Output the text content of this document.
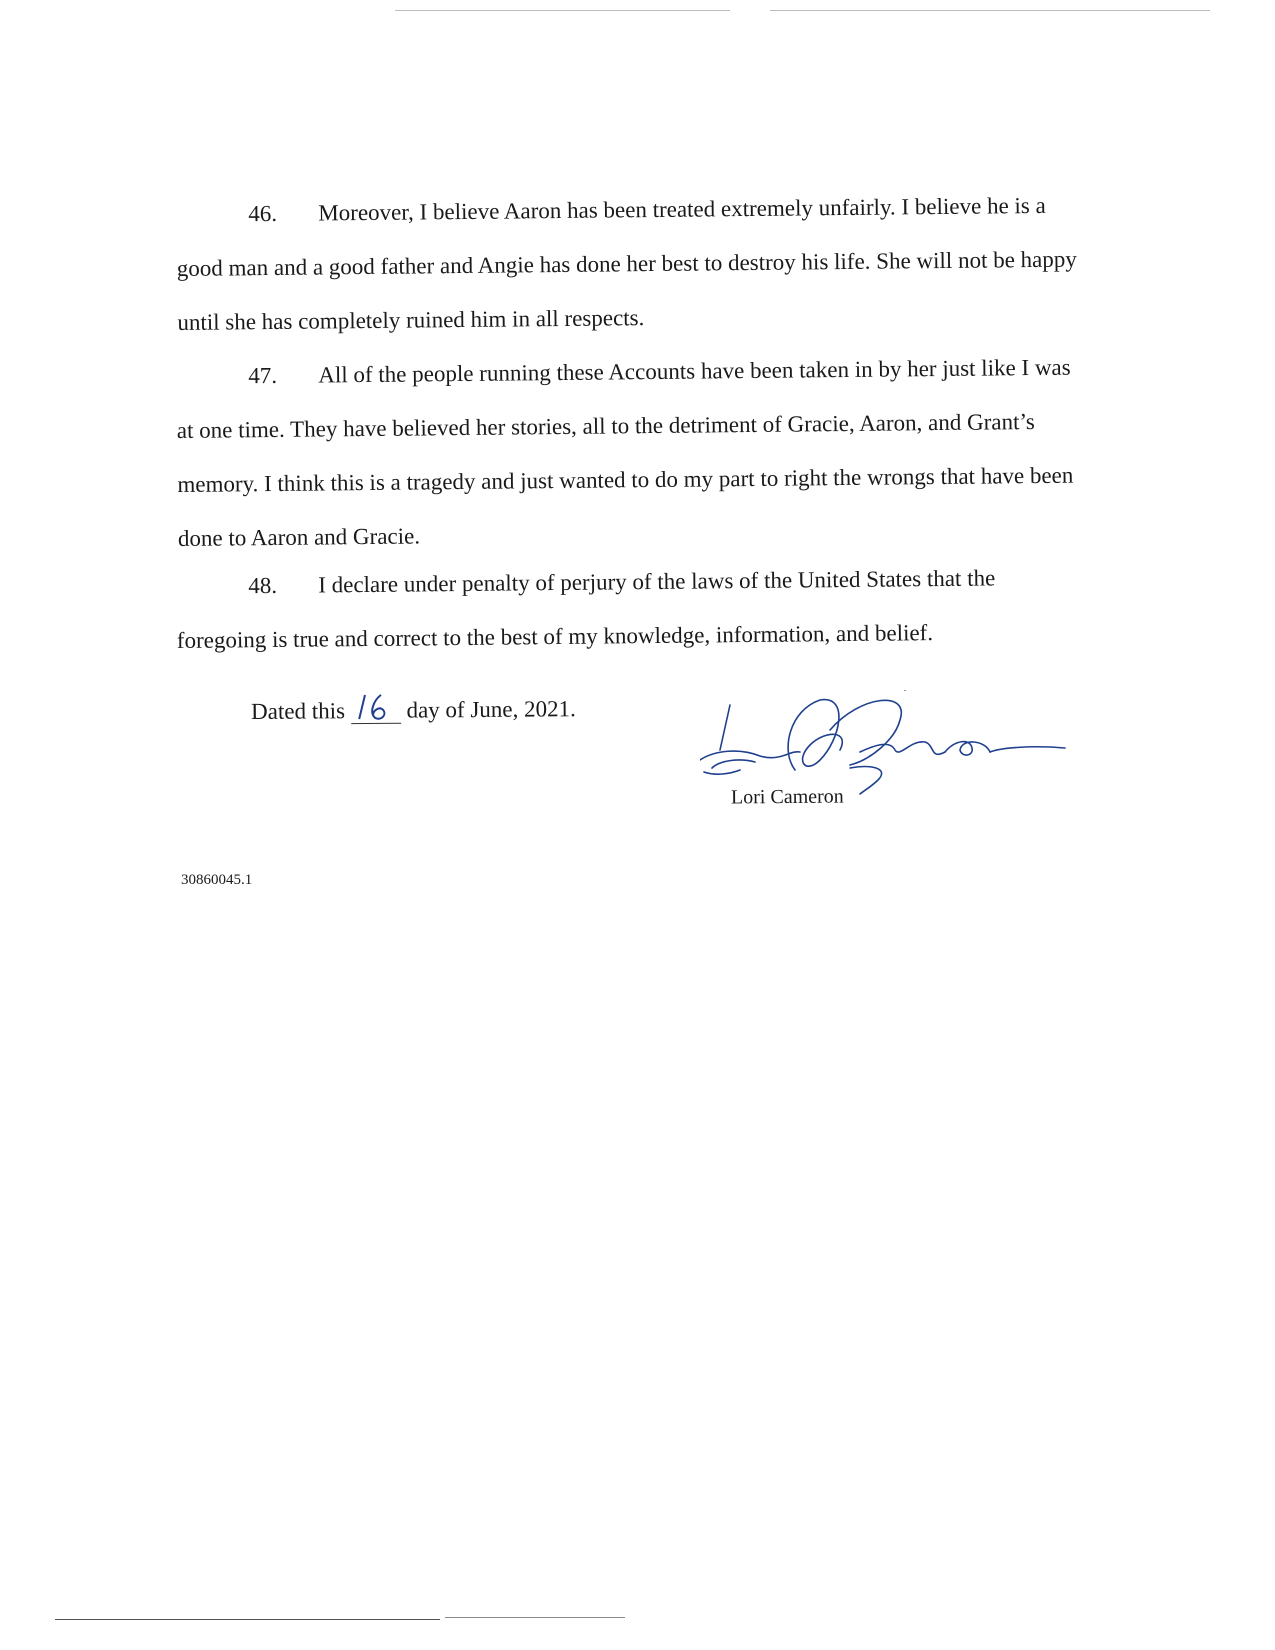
46. Moreover, I believe Aaron has been treated extremely unfairly. I believe he is a
good man and a good father and Angie has done her best to destroy his life. She will not be happy until she has completely ruined him in all respects.
47. All of the people running these Accounts have been taken in by her just like I was
at one time. They have believed her stories, all to the detriment of Gracie, Aaron, and Grant’s memory. I think this is a tragedy and just wanted to do my part to right the wrongs that have been done to Aaron and Gracie.
48. I declare under penalty of perjury of the laws of the United States that the
foregoing is true and correct to the best of my knowledge, information, and belief.
Dated this	day of June, 2021.
Lori Cameron
30860045.1
